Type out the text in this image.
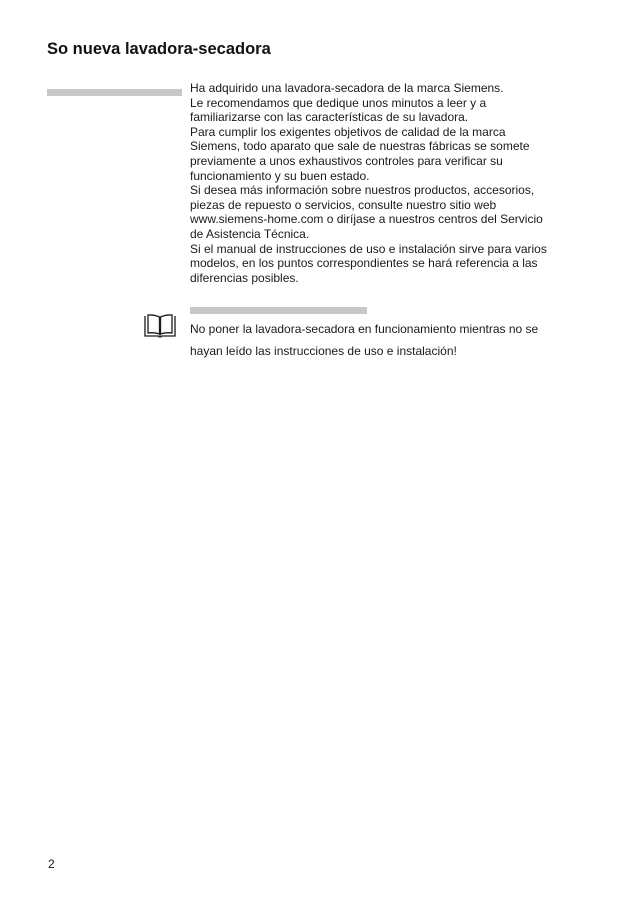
So nueva lavadora-secadora

Ha adquirido una lavadora-secadora de la marca Siemens.

Le recomendamos que dedique unos minutos a leer y a

familiarizarse con las características de su lavadora.

Para cumplir los exigentes objetivos de calidad de la marca

Siemens, todo aparato que sale de nuestras fábricas se somete

previamente a unos exhaustivos controles para verificar su

funcionamiento y su buen estado.

Si desea más información sobre nuestros productos, accesorios,

piezas de repuesto o servicios, consulte nuestro sitio web

www.siemens-home.com o diríjase a nuestros centros del Servicio

de Asistencia Técnica.

Si el manual de instrucciones de uso e instalación sirve para varios

modelos, en los puntos correspondientes se hará referencia a las

diferencias posibles.

No poner la lavadora-secadora en funcionamiento mientras no se

hayan leído las instrucciones de uso e instalación!

2
